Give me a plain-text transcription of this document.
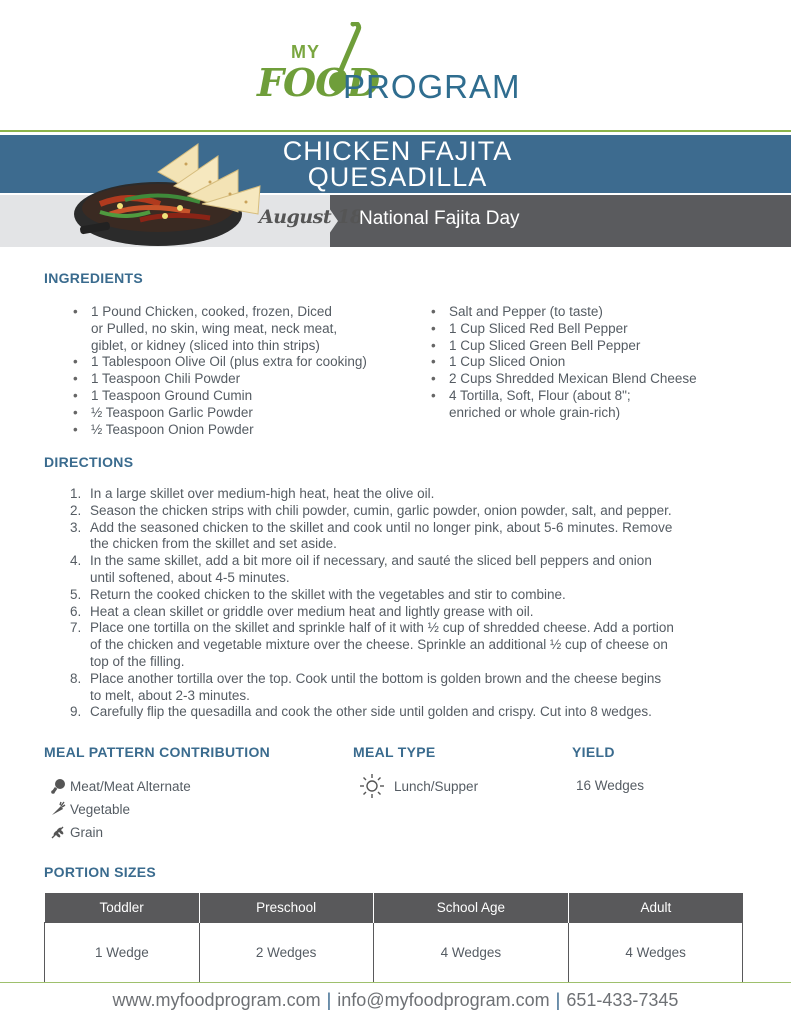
MY
FOOD
PROGRAM
CHICKEN FAJITA
QUESADILLA
August 18
National Fajita Day
INGREDIENTS
• 1 Pound Chicken, cooked, frozen, Diced
or Pulled, no skin, wing meat, neck meat,
giblet, or kidney (sliced into thin strips)
• 1 Tablespoon Olive Oil (plus extra for cooking)
• 1 Teaspoon Chili Powder
• 1 Teaspoon Ground Cumin
• ½ Teaspoon Garlic Powder
• ½ Teaspoon Onion Powder
• Salt and Pepper (to taste)
• 1 Cup Sliced Red Bell Pepper
• 1 Cup Sliced Green Bell Pepper
• 1 Cup Sliced Onion
• 2 Cups Shredded Mexican Blend Cheese
• 4 Tortilla, Soft, Flour (about 8";
enriched or whole grain-rich)
DIRECTIONS
1. In a large skillet over medium-high heat, heat the olive oil.
2. Season the chicken strips with chili powder, cumin, garlic powder, onion powder, salt, and pepper.
3. Add the seasoned chicken to the skillet and cook until no longer pink, about 5-6 minutes. Remove
the chicken from the skillet and set aside.
4. In the same skillet, add a bit more oil if necessary, and sauté the sliced bell peppers and onion
until softened, about 4-5 minutes.
5. Return the cooked chicken to the skillet with the vegetables and stir to combine.
6. Heat a clean skillet or griddle over medium heat and lightly grease with oil.
7. Place one tortilla on the skillet and sprinkle half of it with ½ cup of shredded cheese. Add a portion
of the chicken and vegetable mixture over the cheese. Sprinkle an additional ½ cup of cheese on
top of the filling.
8. Place another tortilla over the top. Cook until the bottom is golden brown and the cheese begins
to melt, about 2-3 minutes.
9. Carefully flip the quesadilla and cook the other side until golden and crispy. Cut into 8 wedges.
MEAL PATTERN CONTRIBUTION	MEAL TYPE	YIELD
Meat/Meat Alternate
Vegetable
Grain
Lunch/Supper	16 Wedges
PORTION SIZES
Toddler	Preschool	School Age	Adult
1 Wedge	2 Wedges	4 Wedges	4 Wedges
www.myfoodprogram.com | info@myfoodprogram.com | 651-433-7345
